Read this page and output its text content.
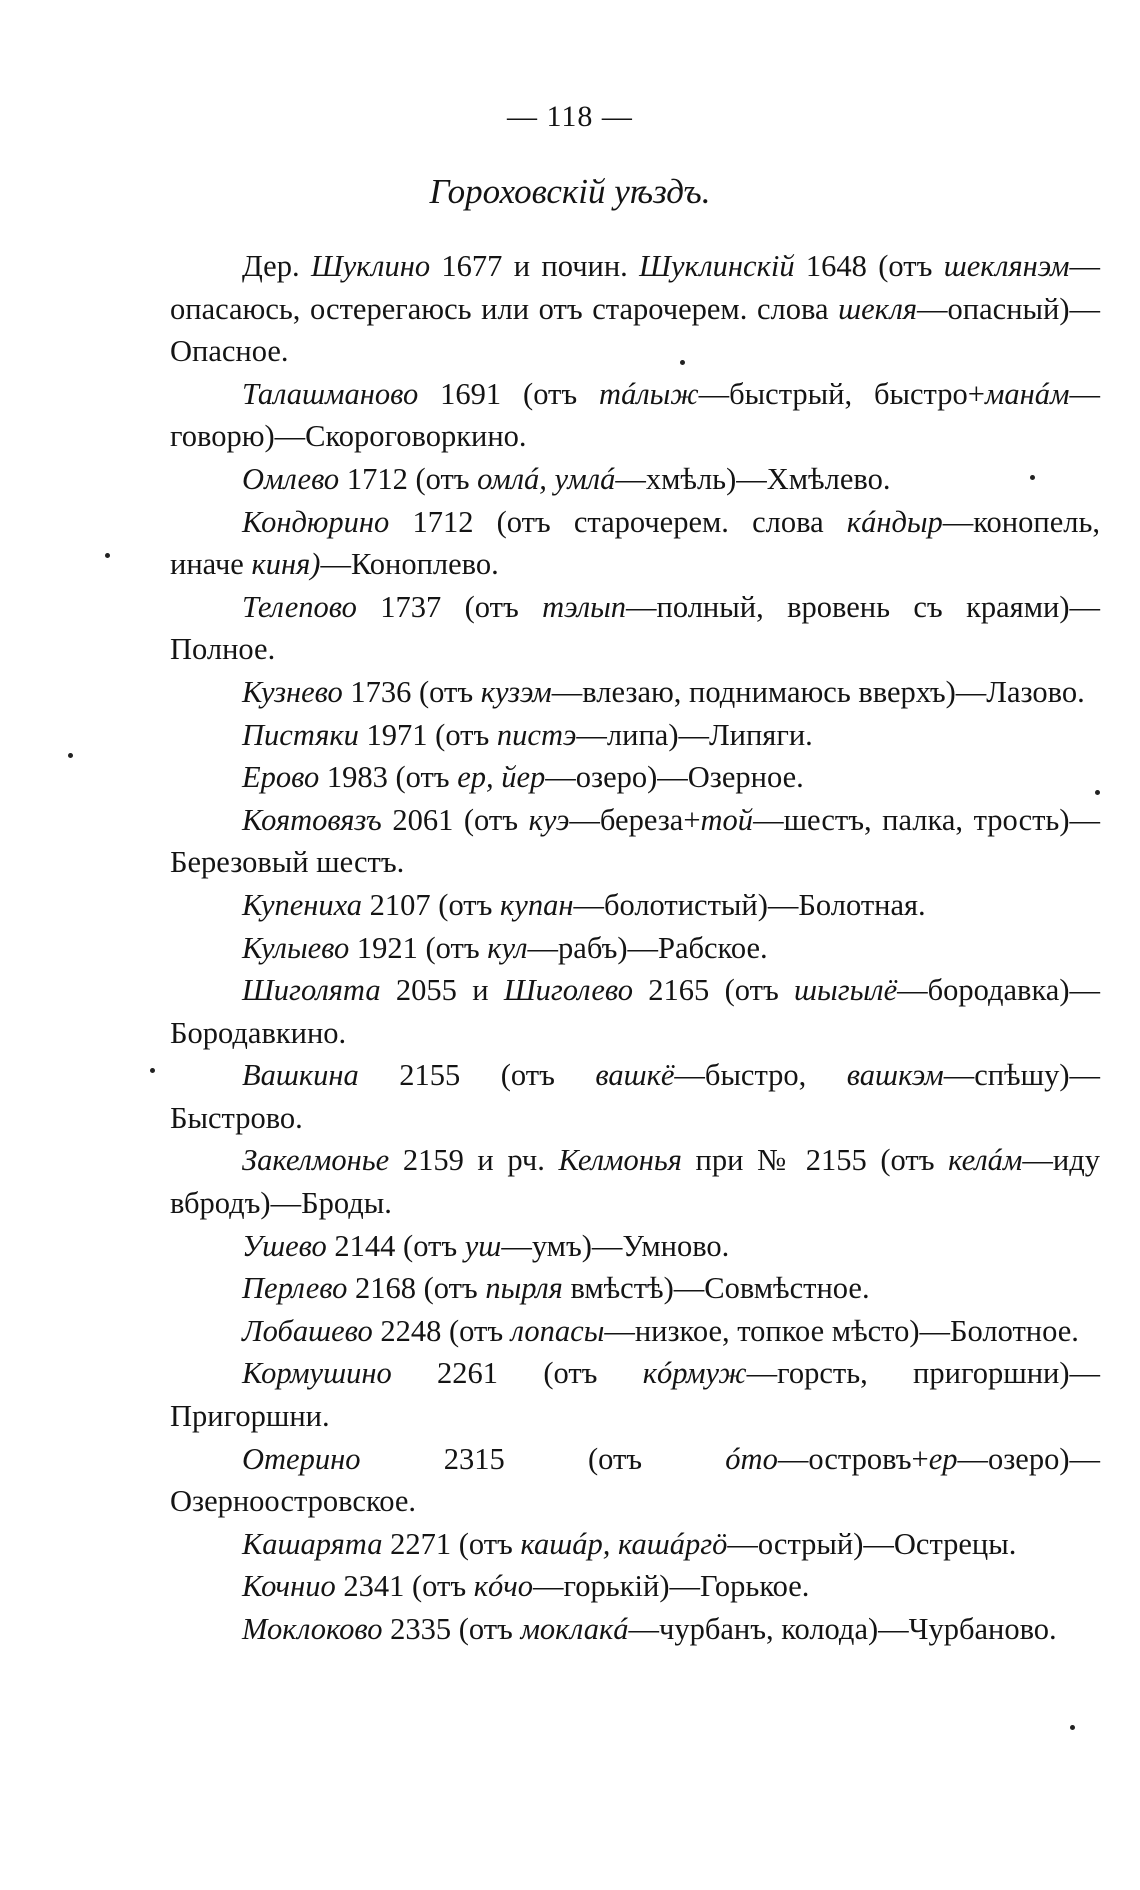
— 118 —
Гороховскій уѣздъ.

Дер. Шуклино 1677 и почин. Шуклинскій 1648 (отъ шеклянэм—опасаюсь, остерегаюсь или отъ старочерем. слова шекля—опасный)—Опасное.

Талашманово 1691 (отъ тáлыж—быстрый, быстро+манáм—говорю)—Скороговоркино.

Омлево 1712 (отъ омлá, умлá—хмѣль)—Хмѣлево.

Кондюрино 1712 (отъ старочерем. слова кáндыр—конопель, иначе киня)—Коноплево.

Телепово 1737 (отъ тэлып—полный, вровень съ краями)—Полное.

Кузнево 1736 (отъ кузэм—влезаю, поднимаюсь вверхъ)—Лазово.

Пистяки 1971 (отъ пистэ—липа)—Липяги.

Ерово 1983 (отъ ер, йер—озеро)—Озерное.

Коятовязъ 2061 (отъ куэ—береза+той—шестъ, палка, трость)—Березовый шестъ.

Купениха 2107 (отъ купан—болотистый)—Болотная.

Кулыево 1921 (отъ кул—рабъ)—Рабское.

Шиголята 2055 и Шиголево 2165 (отъ шыгылё—бородавка)—Бородавкино.

Вашкина 2155 (отъ вашкё—быстро, вашкэм—спѣшу)—Быстрово.

Закелмонье 2159 и рч. Келмонья при № 2155 (отъ келáм—иду вбродъ)—Броды.

Ушево 2144 (отъ уш—умъ)—Умново.

Перлево 2168 (отъ пырля вмѣстѣ)—Совмѣстное.

Лобашево 2248 (отъ лопасы—низкое, топкое мѣсто)—Болотное.

Кормушино 2261 (отъ кóрмуж—горсть, пригоршни)—Пригоршни.

Отерино 2315 (отъ óто—островъ+ер—озеро)—Озерноостровское.

Кашарята 2271 (отъ кашáр, кашáргö—острый)—Острецы.

Кочнио 2341 (отъ кóчо—горькій)—Горькое.

Моклоково 2335 (отъ моклакá—чурбанъ, колода)—Чурбаново.
